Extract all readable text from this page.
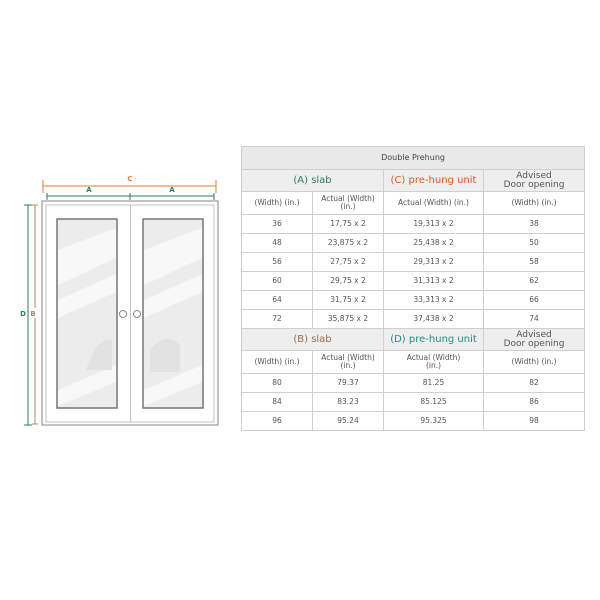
C
A	A
D B
Double Prehung			
(A) slab		(C) pre-hung unit	Advised
Door opening
(Width) (in.)	Actual (Width)
(in.)	Actual (Width) (in.)	(Width) (in.)
36	17,75 x 2	19,313 x 2	38
48	23,875 x 2	25,438 x 2	50
56	27,75 x 2	29,313 x 2	58
60	29,75 x 2	31,313 x 2	62
64	31,75 x 2	33,313 x 2	66
72	35,875 x 2	37,438 x 2	74
(B) slab		(D) pre-hung unit	Advised
Door opening
(Width) (in.)	Actual (Width)
(in.)	Actual (Width)
(in.)	(Width) (in.)
80	79.37	81.25	82
84	83.23	85.125	86
96	95.24	95.325	98
